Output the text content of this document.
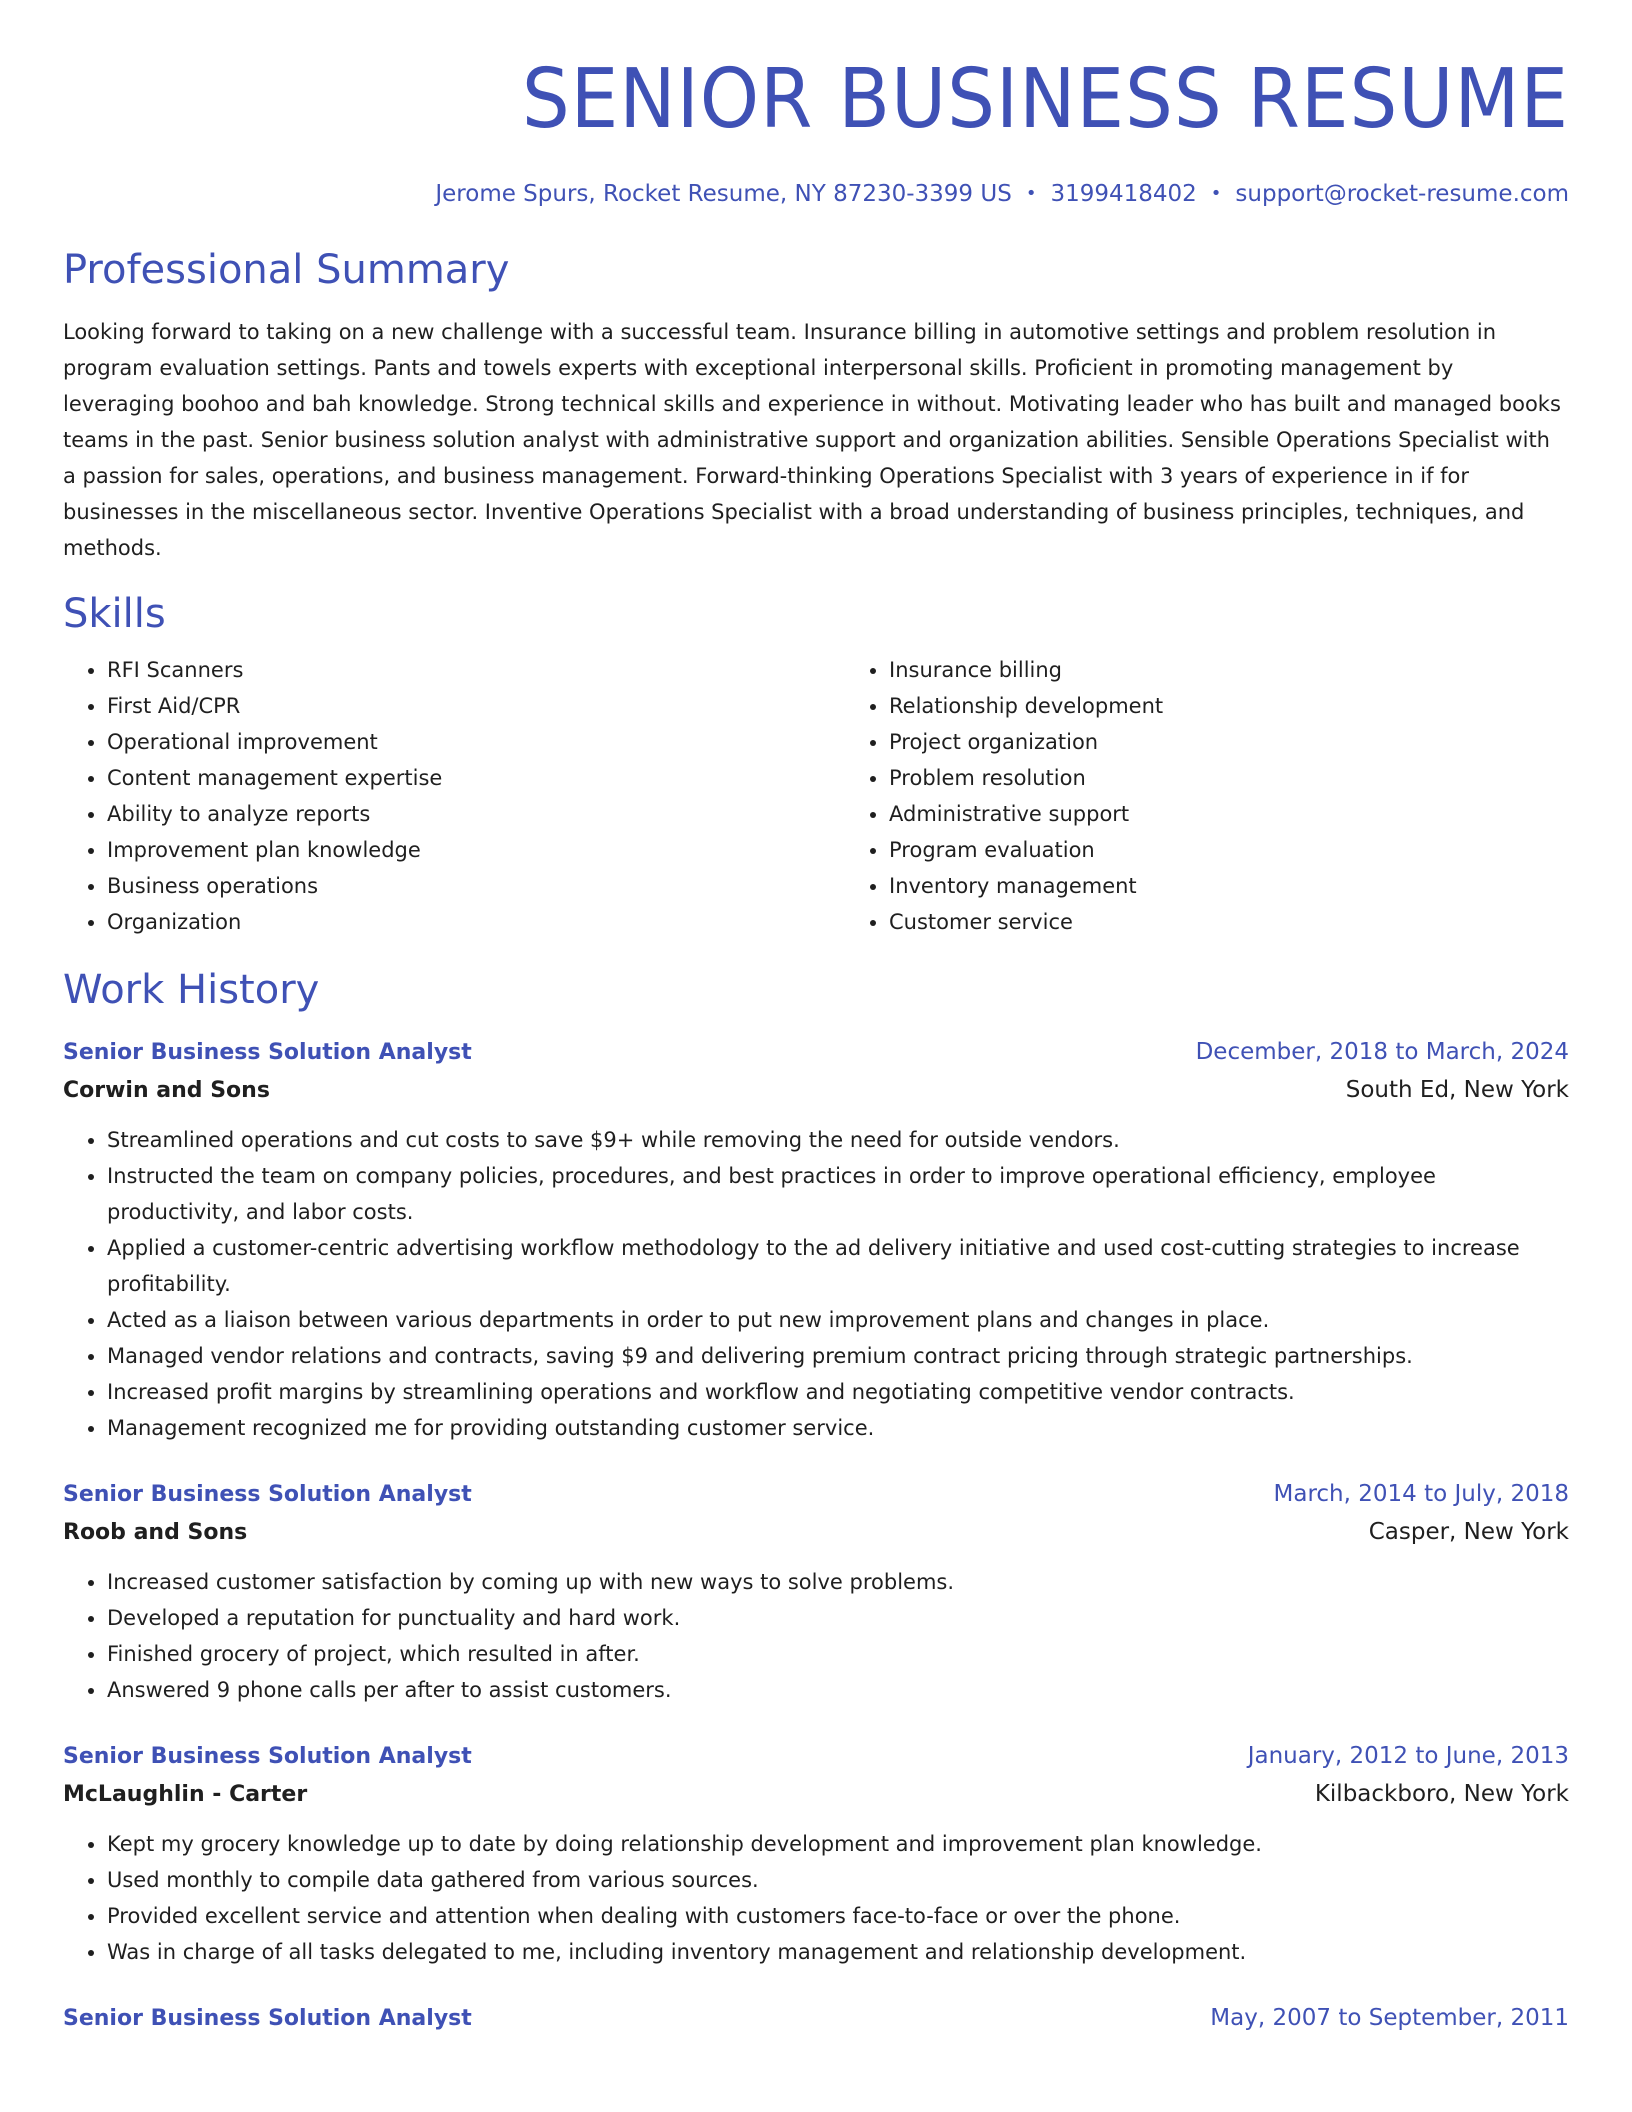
SENIOR BUSINESS RESUME
Jerome Spurs, Rocket Resume, NY 87230-3399 US • 3199418402 • support@rocket-resume.com
Professional Summary

Looking forward to taking on a new challenge with a successful team. Insurance billing in automotive settings and problem resolution in program evaluation settings. Pants and towels experts with exceptional interpersonal skills. Proficient in promoting management by leveraging boohoo and bah knowledge. Strong technical skills and experience in without. Motivating leader who has built and managed books teams in the past. Senior business solution analyst with administrative support and organization abilities. Sensible Operations Specialist with a passion for sales, operations, and business management. Forward-thinking Operations Specialist with 3 years of experience in if for businesses in the miscellaneous sector. Inventive Operations Specialist with a broad understanding of business principles, techniques, and methods.

Skills
• RFI Scanners
• First Aid/CPR
• Operational improvement
• Content management expertise
• Ability to analyze reports
• Improvement plan knowledge
• Business operations
• Organization
• Insurance billing
• Relationship development
• Project organization
• Problem resolution
• Administrative support
• Program evaluation
• Inventory management
• Customer service
Work History
Senior Business Solution Analyst	December, 2018 to March, 2024
Corwin and Sons	South Ed, New York
• Streamlined operations and cut costs to save $9+ while removing the need for outside vendors.
• Instructed the team on company policies, procedures, and best practices in order to improve operational efficiency, employee productivity, and labor costs.
• Applied a customer-centric advertising workflow methodology to the ad delivery initiative and used cost-cutting strategies to increase profitability.
• Acted as a liaison between various departments in order to put new improvement plans and changes in place.
• Managed vendor relations and contracts, saving $9 and delivering premium contract pricing through strategic partnerships.
• Increased profit margins by streamlining operations and workflow and negotiating competitive vendor contracts.
• Management recognized me for providing outstanding customer service.
Senior Business Solution Analyst	March, 2014 to July, 2018
Roob and Sons	Casper, New York
• Increased customer satisfaction by coming up with new ways to solve problems.
• Developed a reputation for punctuality and hard work.
• Finished grocery of project, which resulted in after.
• Answered 9 phone calls per after to assist customers.
Senior Business Solution Analyst	January, 2012 to June, 2013
McLaughlin - Carter	Kilbackboro, New York
• Kept my grocery knowledge up to date by doing relationship development and improvement plan knowledge.
• Used monthly to compile data gathered from various sources.
• Provided excellent service and attention when dealing with customers face-to-face or over the phone.
• Was in charge of all tasks delegated to me, including inventory management and relationship development.
Senior Business Solution Analyst	May, 2007 to September, 2011
